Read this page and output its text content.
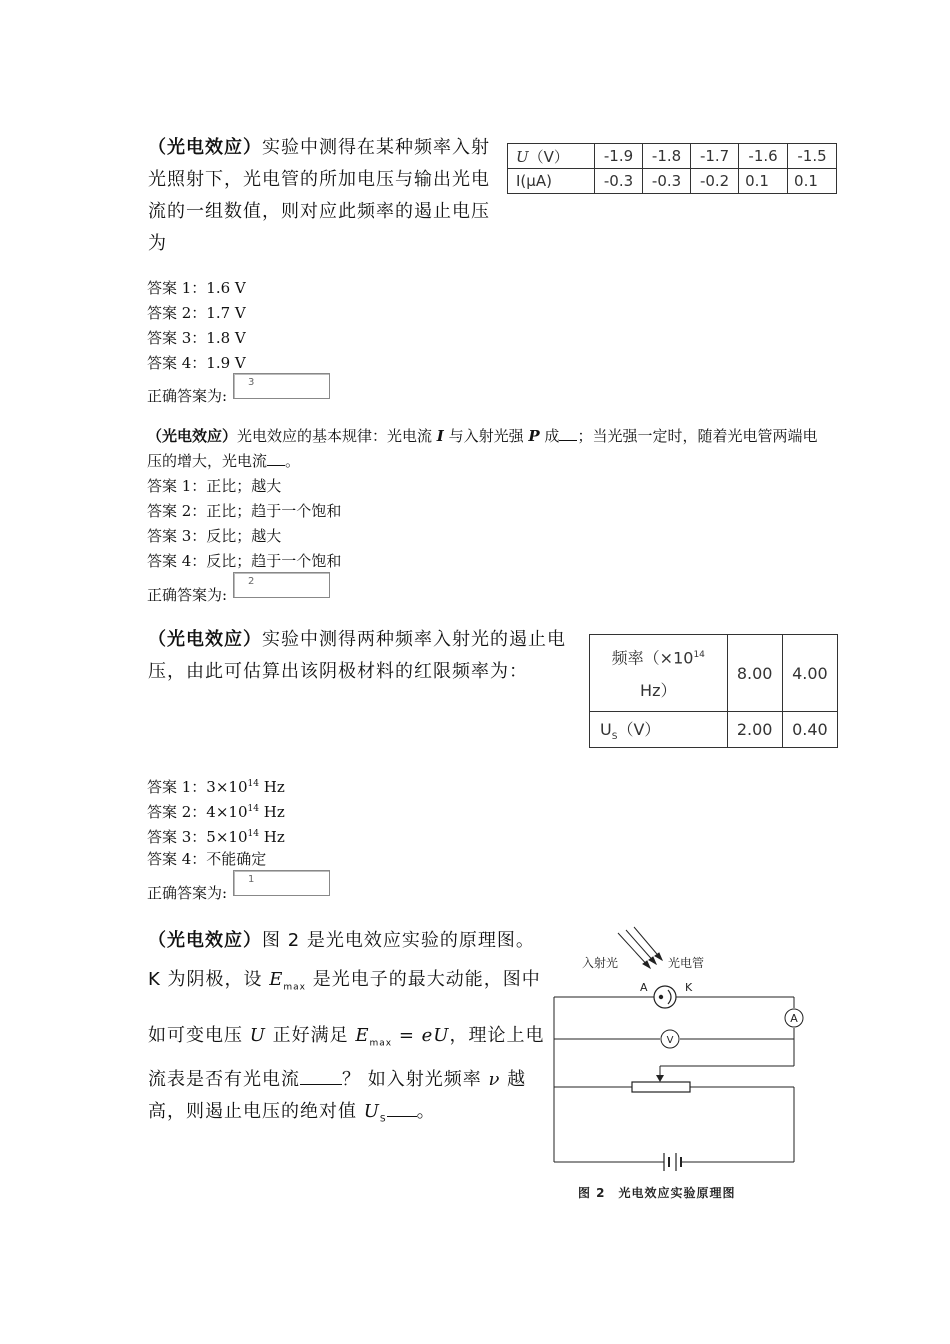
（光电效应）实验中测得在某种频率入射光照射下，光电管的所加电压与输出光电流的一组数值，则对应此频率的遏止电压为
U（V）	-1.9	-1.8	-1.7	-1.6	-1.5
I(μA)	-0.3	-0.3	-0.2	0.1	0.1
答案 1：1.6 V
答案 2：1.7 V
答案 3：1.8 V
答案 4：1.9 V
正确答案为:
3
（光电效应）光电效应的基本规律：光电流 I 与入射光强 P 成 ；当光强一定时，随着光电管两端电压的增大，光电流 。
答案 1：正比；越大
答案 2：正比；趋于一个饱和
答案 3：反比；越大
答案 4：反比；趋于一个饱和
正确答案为:
2
（光电效应）实验中测得两种频率入射光的遏止电压，由此可估算出该阴极材料的红限频率为：
频率（$\times 10^{14}$
Hz）	8.00	4.00
$U_S(V)$	2.00	0.40
答案 1：$3\times 10^{14}$ Hz
答案 2：$4\times 10^{14}$ Hz
答案 3：$5\times 10^{14}$ Hz
答案 4：不能确定
正确答案为:
1
（光电效应）图 2 是光电效应实验的原理图。
K 为阴极，设 $E_{max}$ 是光电子的最大动能，图中
如可变电压 U 正好满足 $E_{max}$ = eU，理论上电
流表是否有光电流 ？ 如入射光频率 ν 越
高，则遏止电压的绝对值 $U_S$ 。
入射光	光电管
A	K
A
V
图 2　光电效应实验原理图
